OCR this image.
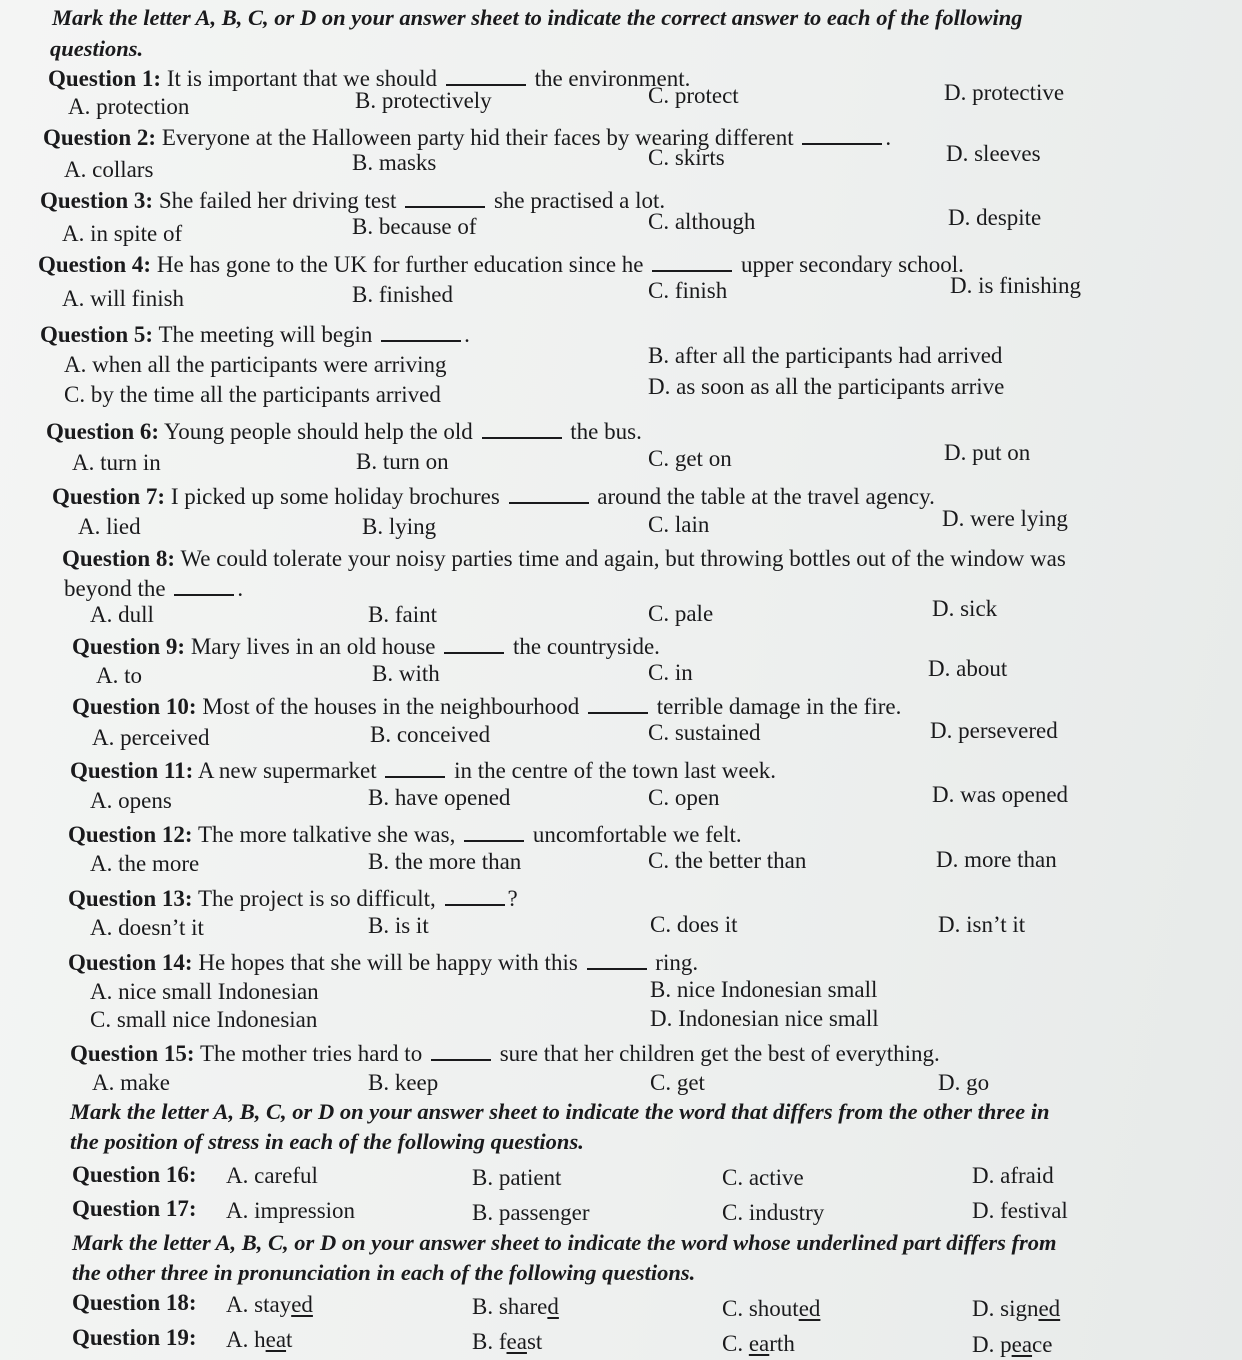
Mark the letter A, B, C, or D on your answer sheet to indicate the correct answer to each of the following
questions.
Question 1: It is important that we should	the environment.
A. protection	B. protectively	C. protect	D. protective
Question 2: Everyone at the Halloween party hid their faces by wearing different	.
A. collars	B. masks	C. skirts	D. sleeves
Question 3: She failed her driving test	she practised a lot.
A. in spite of	B. because of	C. although	D. despite
Question 4: He has gone to the UK for further education since he	upper secondary school.
A. will finish	B. finished	C. finish	D. is finishing
Question 5: The meeting will begin	.
A. when all the participants were arriving	B. after all the participants had arrived
C. by the time all the participants arrived	D. as soon as all the participants arrive
Question 6: Young people should help the old	the bus.
A. turn in	B. turn on	C. get on	D. put on
Question 7: I picked up some holiday brochures	around the table at the travel agency.
A. lied	B. lying	C. lain	D. were lying
Question 8: We could tolerate your noisy parties time and again, but throwing bottles out of the window was
beyond the	.
A. dull	B. faint	C. pale	D. sick
Question 9: Mary lives in an old house	the countryside.
A. to	B. with	C. in	D. about
Question 10: Most of the houses in the neighbourhood	terrible damage in the fire.
A. perceived	B. conceived	C. sustained	D. persevered
Question 11: A new supermarket	in the centre of the town last week.
A. opens	B. have opened	C. open	D. was opened
Question 12: The more talkative she was,	uncomfortable we felt.
A. the more	B. the more than	C. the better than	D. more than
Question 13: The project is so difficult,	?
A. doesn’t it	B. is it	C. does it	D. isn’t it
Question 14: He hopes that she will be happy with this	ring.
A. nice small Indonesian	B. nice Indonesian small
C. small nice Indonesian	D. Indonesian nice small
Question 15: The mother tries hard to	sure that her children get the best of everything.
A. make	B. keep	C. get	D. go
Mark the letter A, B, C, or D on your answer sheet to indicate the word that differs from the other three in
the position of stress in each of the following questions.
Question 16: A. careful	B. patient	C. active	D. afraid
Question 17: A. impression	B. passenger	C. industry	D. festival
Mark the letter A, B, C, or D on your answer sheet to indicate the word whose underlined part differs from
the other three in pronunciation in each of the following questions.
Question 18: A. stayed	B. shared	C. shouted	D. signed
Question 19: A. heat	B. feast	C. earth	D. peace
